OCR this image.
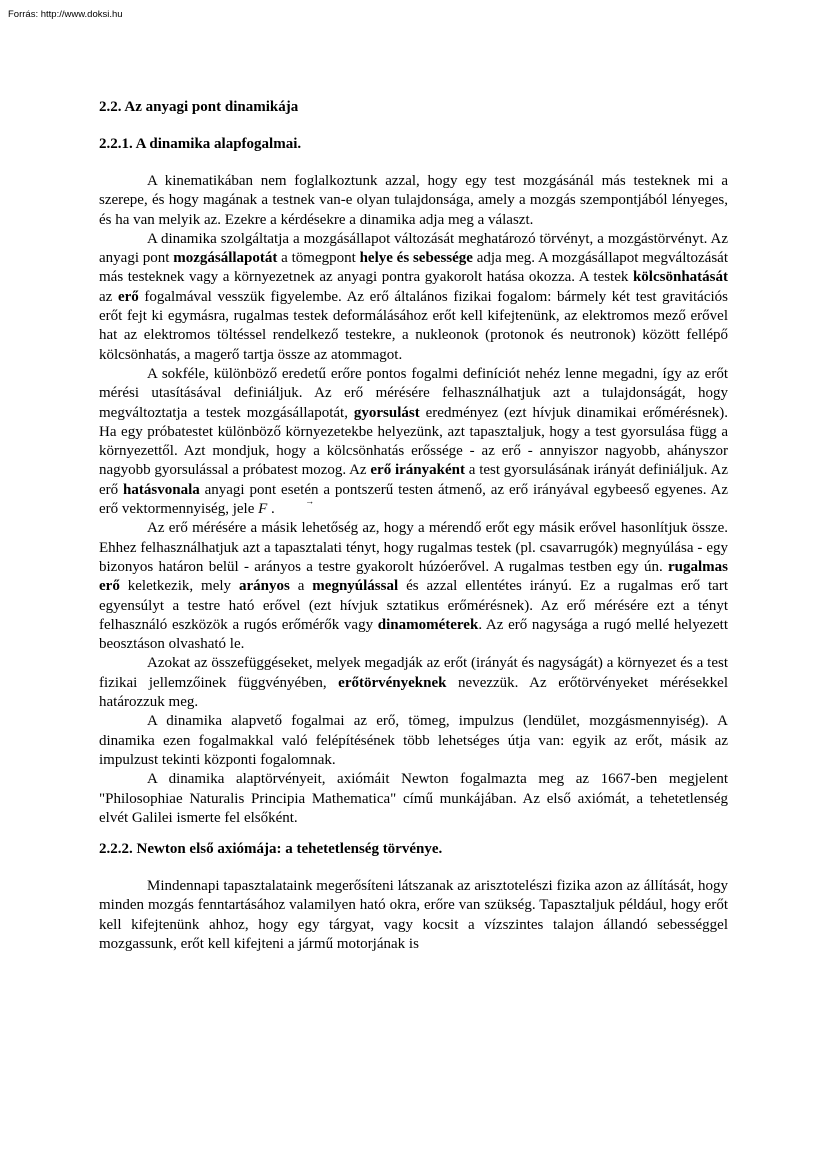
Forrás: http://www.doksi.hu
2.2. Az anyagi pont dinamikája
2.2.1. A dinamika alapfogalmai.

A kinematikában nem foglalkoztunk azzal, hogy egy test mozgásánál más testeknek mi a szerepe, és hogy magának a testnek van-e olyan tulajdonsága, amely a mozgás szempontjából lényeges, és ha van melyik az. Ezekre a kérdésekre a dinamika adja meg a választ.

A dinamika szolgáltatja a mozgásállapot változását meghatározó törvényt, a mozgástörvényt. Az anyagi pont mozgásállapotát a tömegpont helye és sebessége adja meg. A mozgásállapot megváltozását más testeknek vagy a környezetnek az anyagi pontra gyakorolt hatása okozza. A testek kölcsönhatását az erő fogalmával vesszük figyelembe. Az erő általános fizikai fogalom: bármely két test gravitációs erőt fejt ki egymásra, rugalmas testek deformálásához erőt kell kifejtenünk, az elektromos mező erővel hat az elektromos töltéssel rendelkező testekre, a nukleonok (protonok és neutronok) között fellépő kölcsönhatás, a magerő tartja össze az atommagot.

A sokféle, különböző eredetű erőre pontos fogalmi definíciót nehéz lenne megadni, így az erőt mérési utasításával definiáljuk. Az erő mérésére felhasználhatjuk azt a tulajdonságát, hogy megváltoztatja a testek mozgásállapotát, gyorsulást eredményez (ezt hívjuk dinamikai erőmérésnek). Ha egy próbatestet különböző környezetekbe helyezünk, azt tapasztaljuk, hogy a test gyorsulása függ a környezettől. Azt mondjuk, hogy a kölcsönhatás erőssége - az erő - annyiszor nagyobb, ahányszor nagyobb gyorsulással a próbatest mozog. Az erő irányaként a test gyorsulásának irányát definiáljuk. Az erő hatásvonala anyagi pont esetén a pontszerű testen átmenő, az erő irányával egybeeső egyenes. Az erő vektormennyiség, jele → F .

Az erő mérésére a másik lehetőség az, hogy a mérendő erőt egy másik erővel hasonlítjuk össze. Ehhez felhasználhatjuk azt a tapasztalati tényt, hogy rugalmas testek (pl. csavarrugók) megnyúlása - egy bizonyos határon belül - arányos a testre gyakorolt húzóerővel. A rugalmas testben egy ún. rugalmas erő keletkezik, mely arányos a megnyúlással és azzal ellentétes irányú. Ez a rugalmas erő tart egyensúlyt a testre ható erővel (ezt hívjuk sztatikus erőmérésnek). Az erő mérésére ezt a tényt felhasználó eszközök a rugós erőmérők vagy dinamométerek. Az erő nagysága a rugó mellé helyezett beosztáson olvasható le.

Azokat az összefüggéseket, melyek megadják az erőt (irányát és nagyságát) a környezet és a test fizikai jellemzőinek függvényében, erőtörvényeknek nevezzük. Az erőtörvényeket mérésekkel határozzuk meg.

A dinamika alapvető fogalmai az erő, tömeg, impulzus (lendület, mozgásmennyiség). A dinamika ezen fogalmakkal való felépítésének több lehetséges útja van: egyik az erőt, másik az impulzust tekinti központi fogalomnak.

A dinamika alaptörvényeit, axiómáit Newton fogalmazta meg az 1667-ben megjelent "Philosophiae Naturalis Principia Mathematica" című munkájában. Az első axiómát, a tehetetlenség elvét Galilei ismerte fel elsőként.

2.2.2. Newton első axiómája: a tehetetlenség törvénye.

Mindennapi tapasztalataink megerősíteni látszanak az arisztotelészi fizika azon az állítását, hogy minden mozgás fenntartásához valamilyen ható okra, erőre van szükség. Tapasztaljuk például, hogy erőt kell kifejtenünk ahhoz, hogy egy tárgyat, vagy kocsit a vízszintes talajon állandó sebességgel mozgassunk, erőt kell kifejteni a jármű motorjának is
